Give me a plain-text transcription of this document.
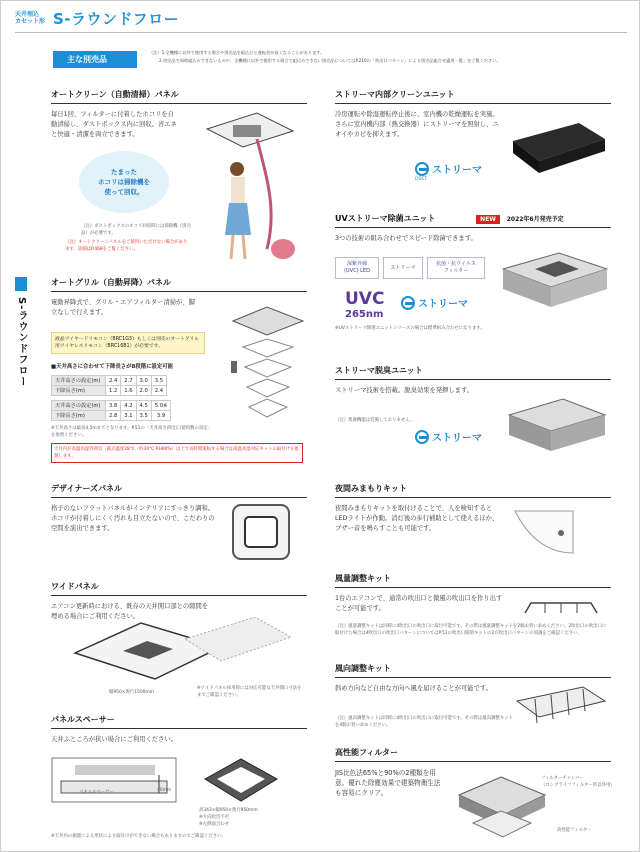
天井埋込
カセット形 S-ラウンドフロー
S-ラウンドフロー
主な別売品
（注）1.全機種に以外で使用する場合や別売品を組込むと運転音が高くなることがあります。
2.別売品で同時組込みできないものや、全機種に以外で使用する場合で組込みできない別売品についてはP.210の「吹出口パターン」による別売品組合せ適用一覧」をご覧ください。
オートクリーン（自動清掃）パネル
毎日1回、フィルターに付着したホコリを自動清掃し、ダストボックス内に回収。省エネと快適・清潔を両立できます。
たまった
ホコリは掃除機を
使って回収。
（注）ダストボックスのホコリ回収時には掃除機（別売品）が必要です。
（注）オートクリーンパネルをご使用いただけない場合があります。詳細はP.468をご覧ください。
オートグリル（自動昇降）パネル
電動昇降式で、グリル・エアフィルター清掃が、脚立なしで行えます。
液晶ワイヤードリモコン（BRC1G3）もしくは別売のオートグリル用ワイヤレスリモコン（BRC16B1）が必要です。
■天井高さに合わせて下降長さが8段階に設定可能
天井高さの設定(m)	2.4	2.7	3.0	3.5
下降長さ(m)	1.2	1.6	2.0	2.4
天井高さの設定(m)	3.8	4.2	4.5	5.0※
下降長さ(m)	2.8	3.1	3.5	3.9
※天井高さは最高4.5mまでとなります。P.51の「天井高さ/吹出口使用数の設定」を参照ください。
天井内が高温高湿雰囲気（露点温度28℃（約30℃ RH80%）以上で長時間運転する場合は高温高湿対応キットの取付けを推奨します。
デザイナーズパネル
格子のないフラットパネルがインテリアにすっきり調和。ホコリが付着しにくく汚れも目立たないので、こだわりの空間を演出できます。
ワイドパネル
エアコン更新時における、既存の天井開口部との隙間を埋める場合にご利用ください。
幅950×奥行1500mm
※ワイドパネル採用時には対応可能な天井開口寸法をまでご確認ください。
パネルスペーサー
天井ふところが狭い場合にご利用ください。
パネルスペーサー	40mm
高343×幅950×奥行950mm
※方向吹出不可
※左側面合わせ
※天井内の据置による形状により取付けができない場合もありますのでご確認ください。
ストリーマ内部クリーンユニット
冷房運転や除湿運転停止後に、室内機の乾燥運転を実施。さらに室内機内部（熱交換器）にストリーマを照射し、ニオイやカビを抑えます。
ストリーマ
DSET
UVストリーマ除菌ユニット	NEW 2022年6月発売予定
3つの技術の組み合わせでスピード除菌できます。
深紫外線
(UVC) LED
ストリーマ
抗菌・抗ウイルス
フィルター
UVC
265nm
ストリーマ
※UVストリーマ除菌ユニットシリーズの場合は標準組み合わせになります。
ストリーマ脱臭ユニット
ストリーマ技術を搭載。脱臭効果を発揮します。
（注）集塵機能は装備しておりません。
ストリーマ
夜間みまもりキット
夜間みまもりキットを取付けることで、人を検知するとLEDライトが作動。消灯後の歩行補助として使えるほか、ブザー音を鳴らすことも可能です。
風量調整キット
1台のエアコンで、通常の吹出口と微風の吹出口を作り出すことが可能です。
（注）風量調整キットは同時に4吹出口の吹出口に取付可能です。その際は風量調整キットを2個お買い求めください。2吹出口の吹出口に取付けた場合は4吹出口の吹出口パターンについてはP.51の吹出口開閉キットの2方吹出口パターンの同調をご確認ください。
風向調整キット
斜め方向など自由な方向へ風を届けることが可能です。
（注）風向調整キットは同時に4吹出口の吹出口に取付可能です。その際は風向調整キットを4個お買い求めください。
高性能フィルター
JIS比色法65%と90%の2種類を用意。優れた除塵効果で建築物衛生法も容易にクリア。
フィルターチャンバー
（ロングライフフィルター形以外用）
高性能フィルター
